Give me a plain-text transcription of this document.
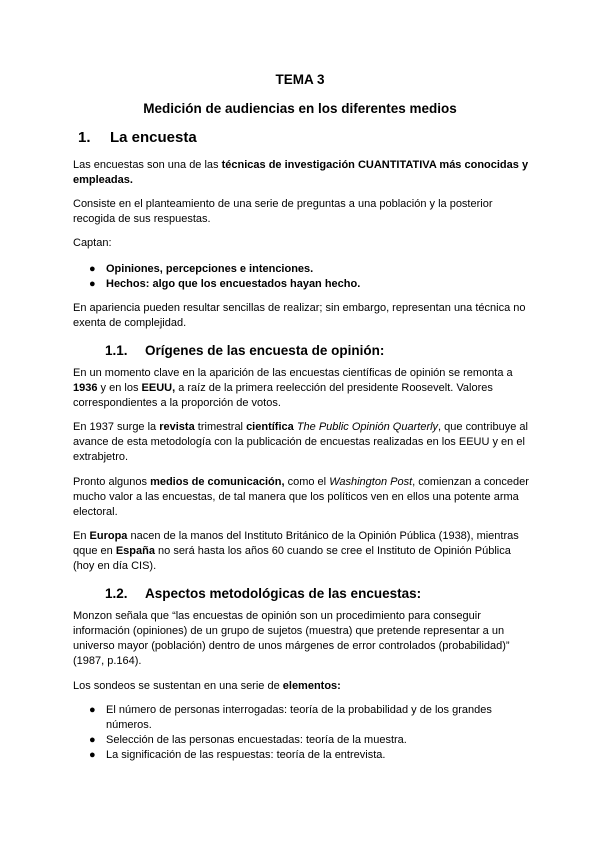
TEMA 3
Medición de audiencias en los diferentes medios
1. La encuesta

Las encuestas son una de las técnicas de investigación CUANTITATIVA más conocidas y empleadas.

Consiste en el planteamiento de una serie de preguntas a una población y la posterior recogida de sus respuestas.

Captan:

● Opiniones, percepciones e intenciones.
● Hechos: algo que los encuestados hayan hecho.

En apariencia pueden resultar sencillas de realizar; sin embargo, representan una técnica no exenta de complejidad.

1.1. Orígenes de las encuesta de opinión:

En un momento clave en la aparición de las encuestas científicas de opinión se remonta a 1936 y en los EEUU, a raíz de la primera reelección del presidente Roosevelt. Valores correspondientes a la proporción de votos.

En 1937 surge la revista trimestral científica The Public Opinión Quarterly, que contribuye al avance de esta metodología con la publicación de encuestas realizadas en los EEUU y en el extrabjetro.

Pronto algunos medios de comunicación, como el Washington Post, comienzan a conceder mucho valor a las encuestas, de tal manera que los políticos ven en ellos una potente arma electoral.

En Europa nacen de la manos del Instituto Británico de la Opinión Pública (1938), mientras qque en España no será hasta los años 60 cuando se cree el Instituto de Opinión Pública (hoy en día CIS).

1.2. Aspectos metodológicas de las encuestas:

Monzon señala que “las encuestas de opinión son un procedimiento para conseguir información (opiniones) de un grupo de sujetos (muestra) que pretende representar a un universo mayor (población) dentro de unos márgenes de error controlados (probabilidad)” (1987, p.164).

Los sondeos se sustentan en una serie de elementos:

● El número de personas interrogadas: teoría de la probabilidad y de los grandes números.
● Selección de las personas encuestadas: teoría de la muestra.
● La significación de las respuestas: teoría de la entrevista.
